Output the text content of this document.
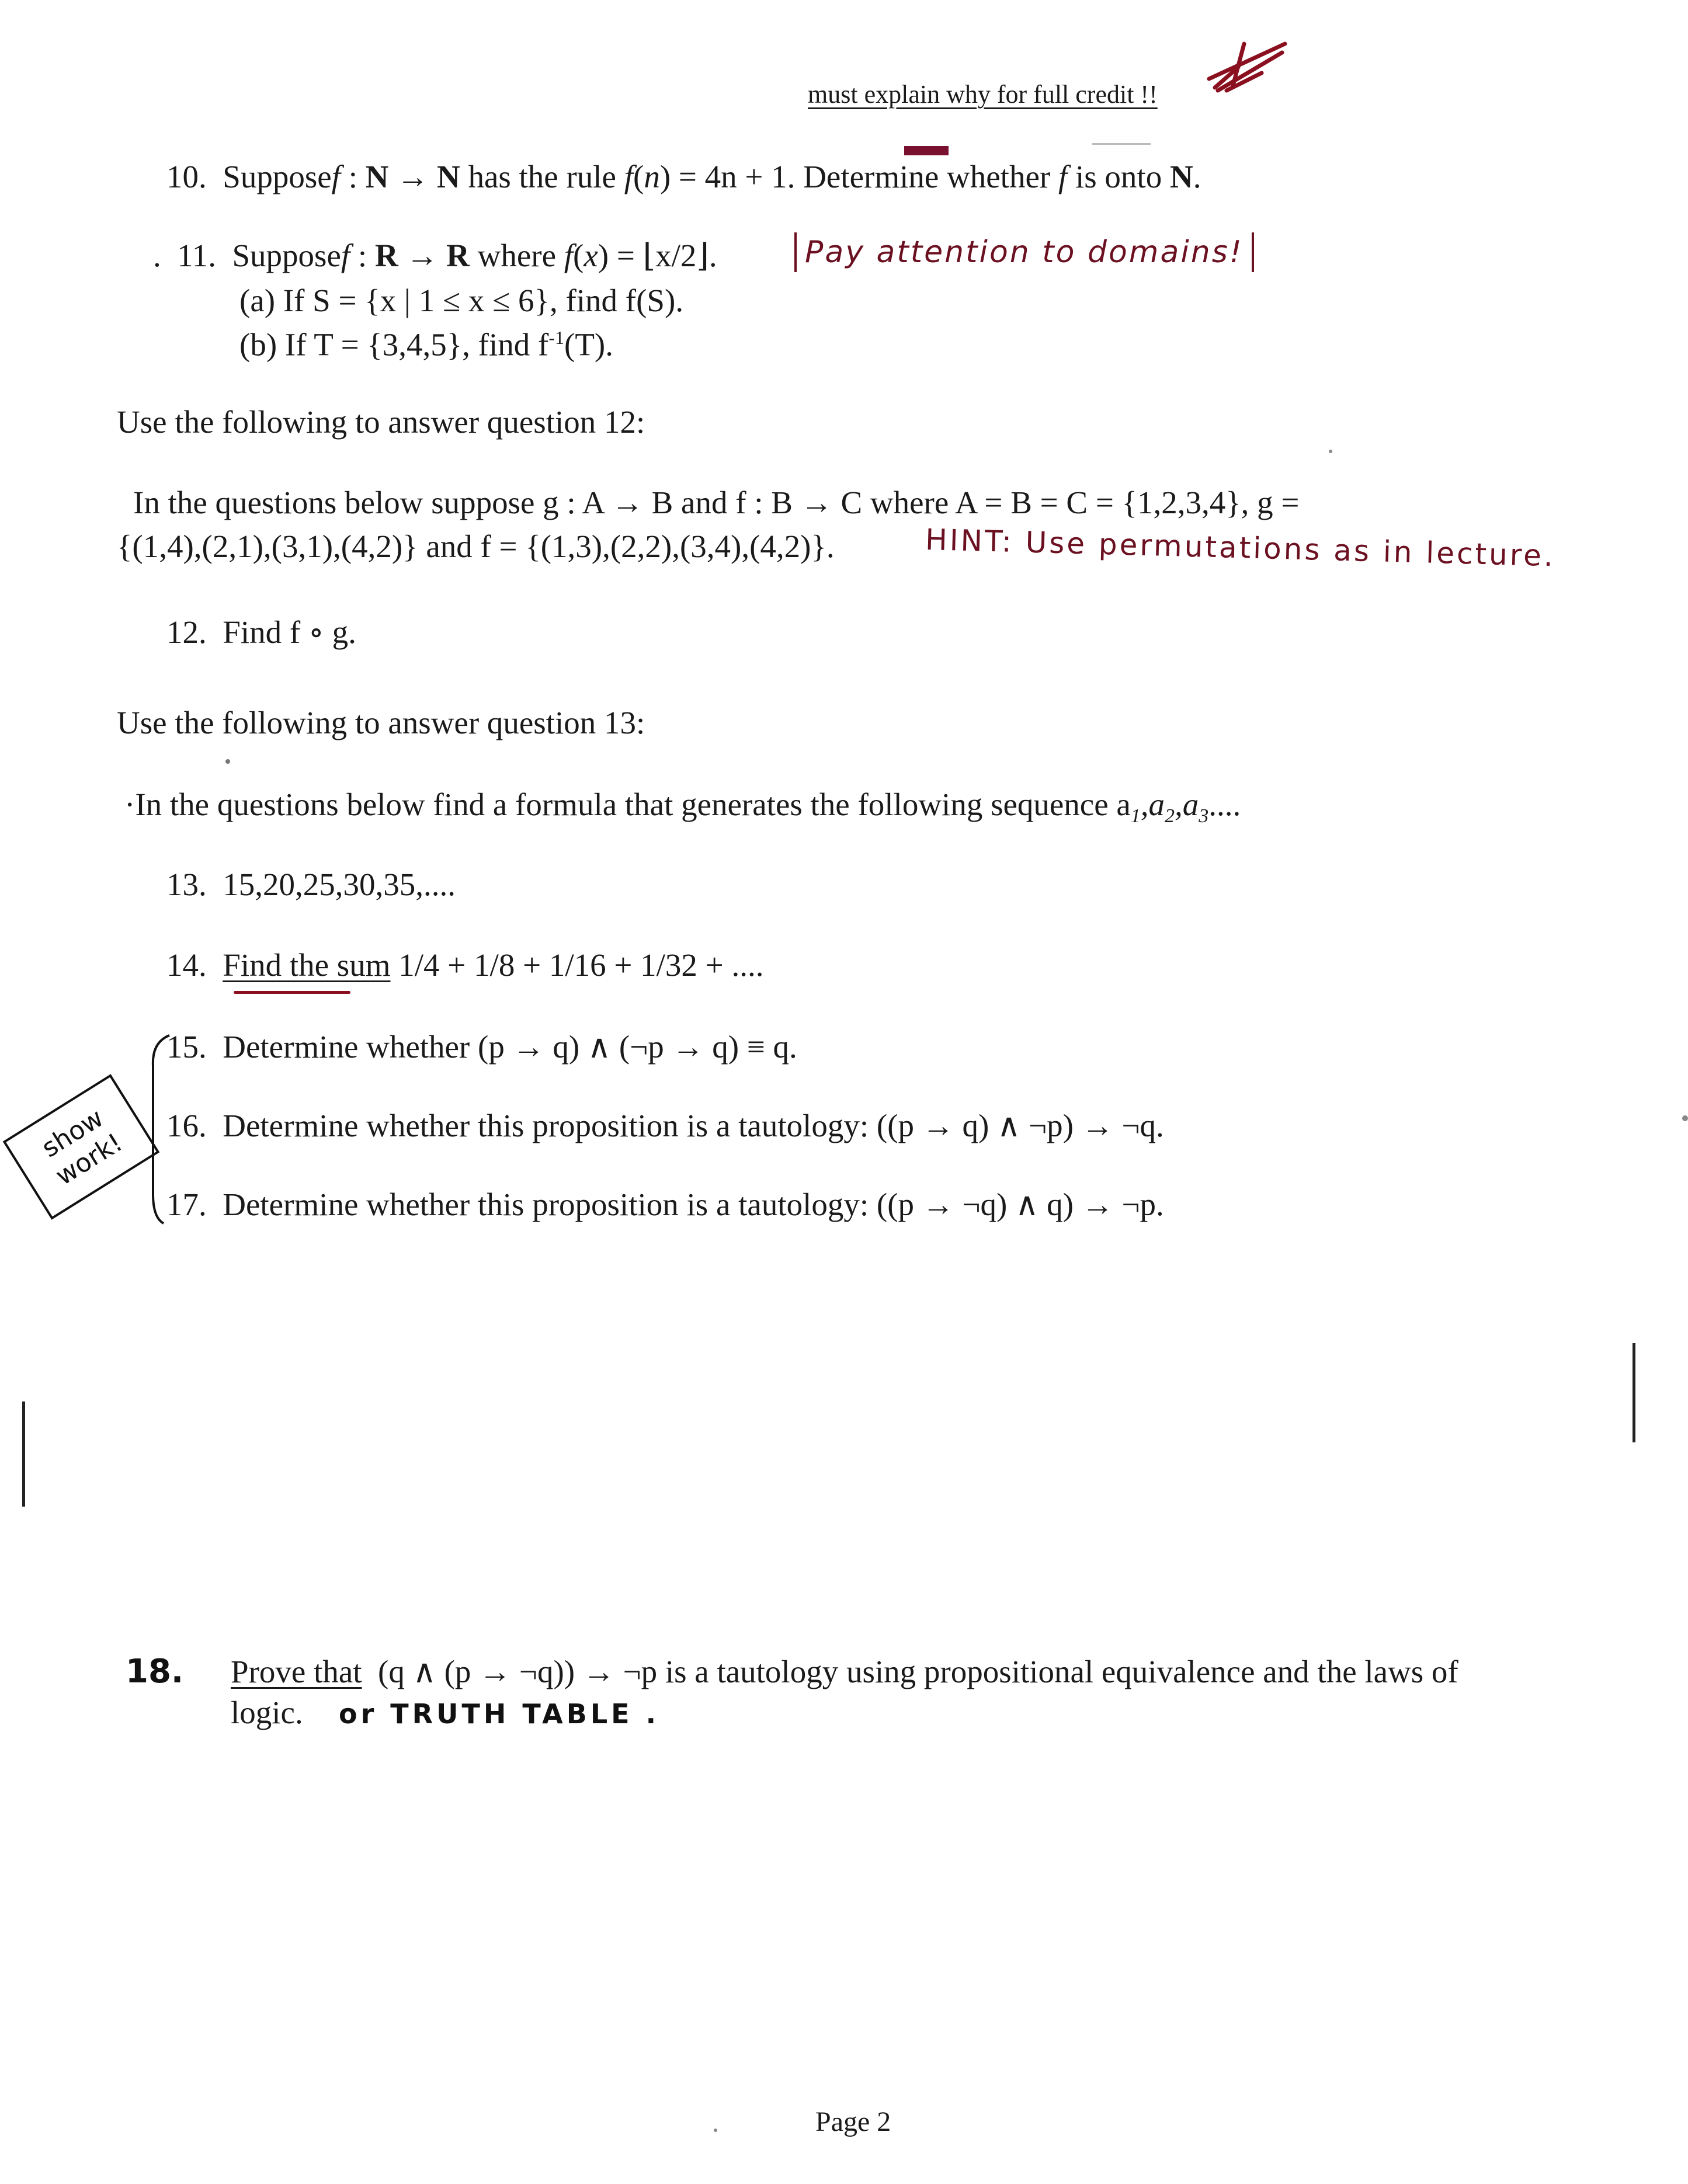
must explain why for full credit !!
10. Supposef : N → N has the rule f(n) = 4n + 1. Determine whether f is onto N.
.  11. Supposef : R → R where f(x) = ⌊x/2⌋.
(a) If S = {x | 1 ≤ x ≤ 6}, find f(S).
(b) If T = {3,4,5}, find $f^{-1}(T)$.
Pay attention to domains!
Use the following to answer question 12:
In the questions below suppose g : A → B and f : B → C where A = B = C = {1,2,3,4}, g =
{(1,4),(2,1),(3,1),(4,2)} and f = {(1,3),(2,2),(3,4),(4,2)}.	HINT: Use permutations as in lecture.
12. Find f ∘ g.
Use the following to answer question 13:
·In the questions below find a formula that generates the following sequence $a_1,a_2,a_3$....
13. 15,20,25,30,35,....
14. Find the sum 1/4 + 1/8 + 1/16 + 1/32 + ....
15. Determine whether (p → q) ∧ (¬p → q) ≡ q.
16. Determine whether this proposition is a tautology: ((p → q) ∧ ¬p) → ¬q.
17. Determine whether this proposition is a tautology: ((p → ¬q) ∧ q) → ¬p.
show work!
18. Prove that (q ∧ (p → ¬q)) → ¬p is a tautology using propositional equivalence and the laws of
logic. or TRUTH TABLE .
Page 2
